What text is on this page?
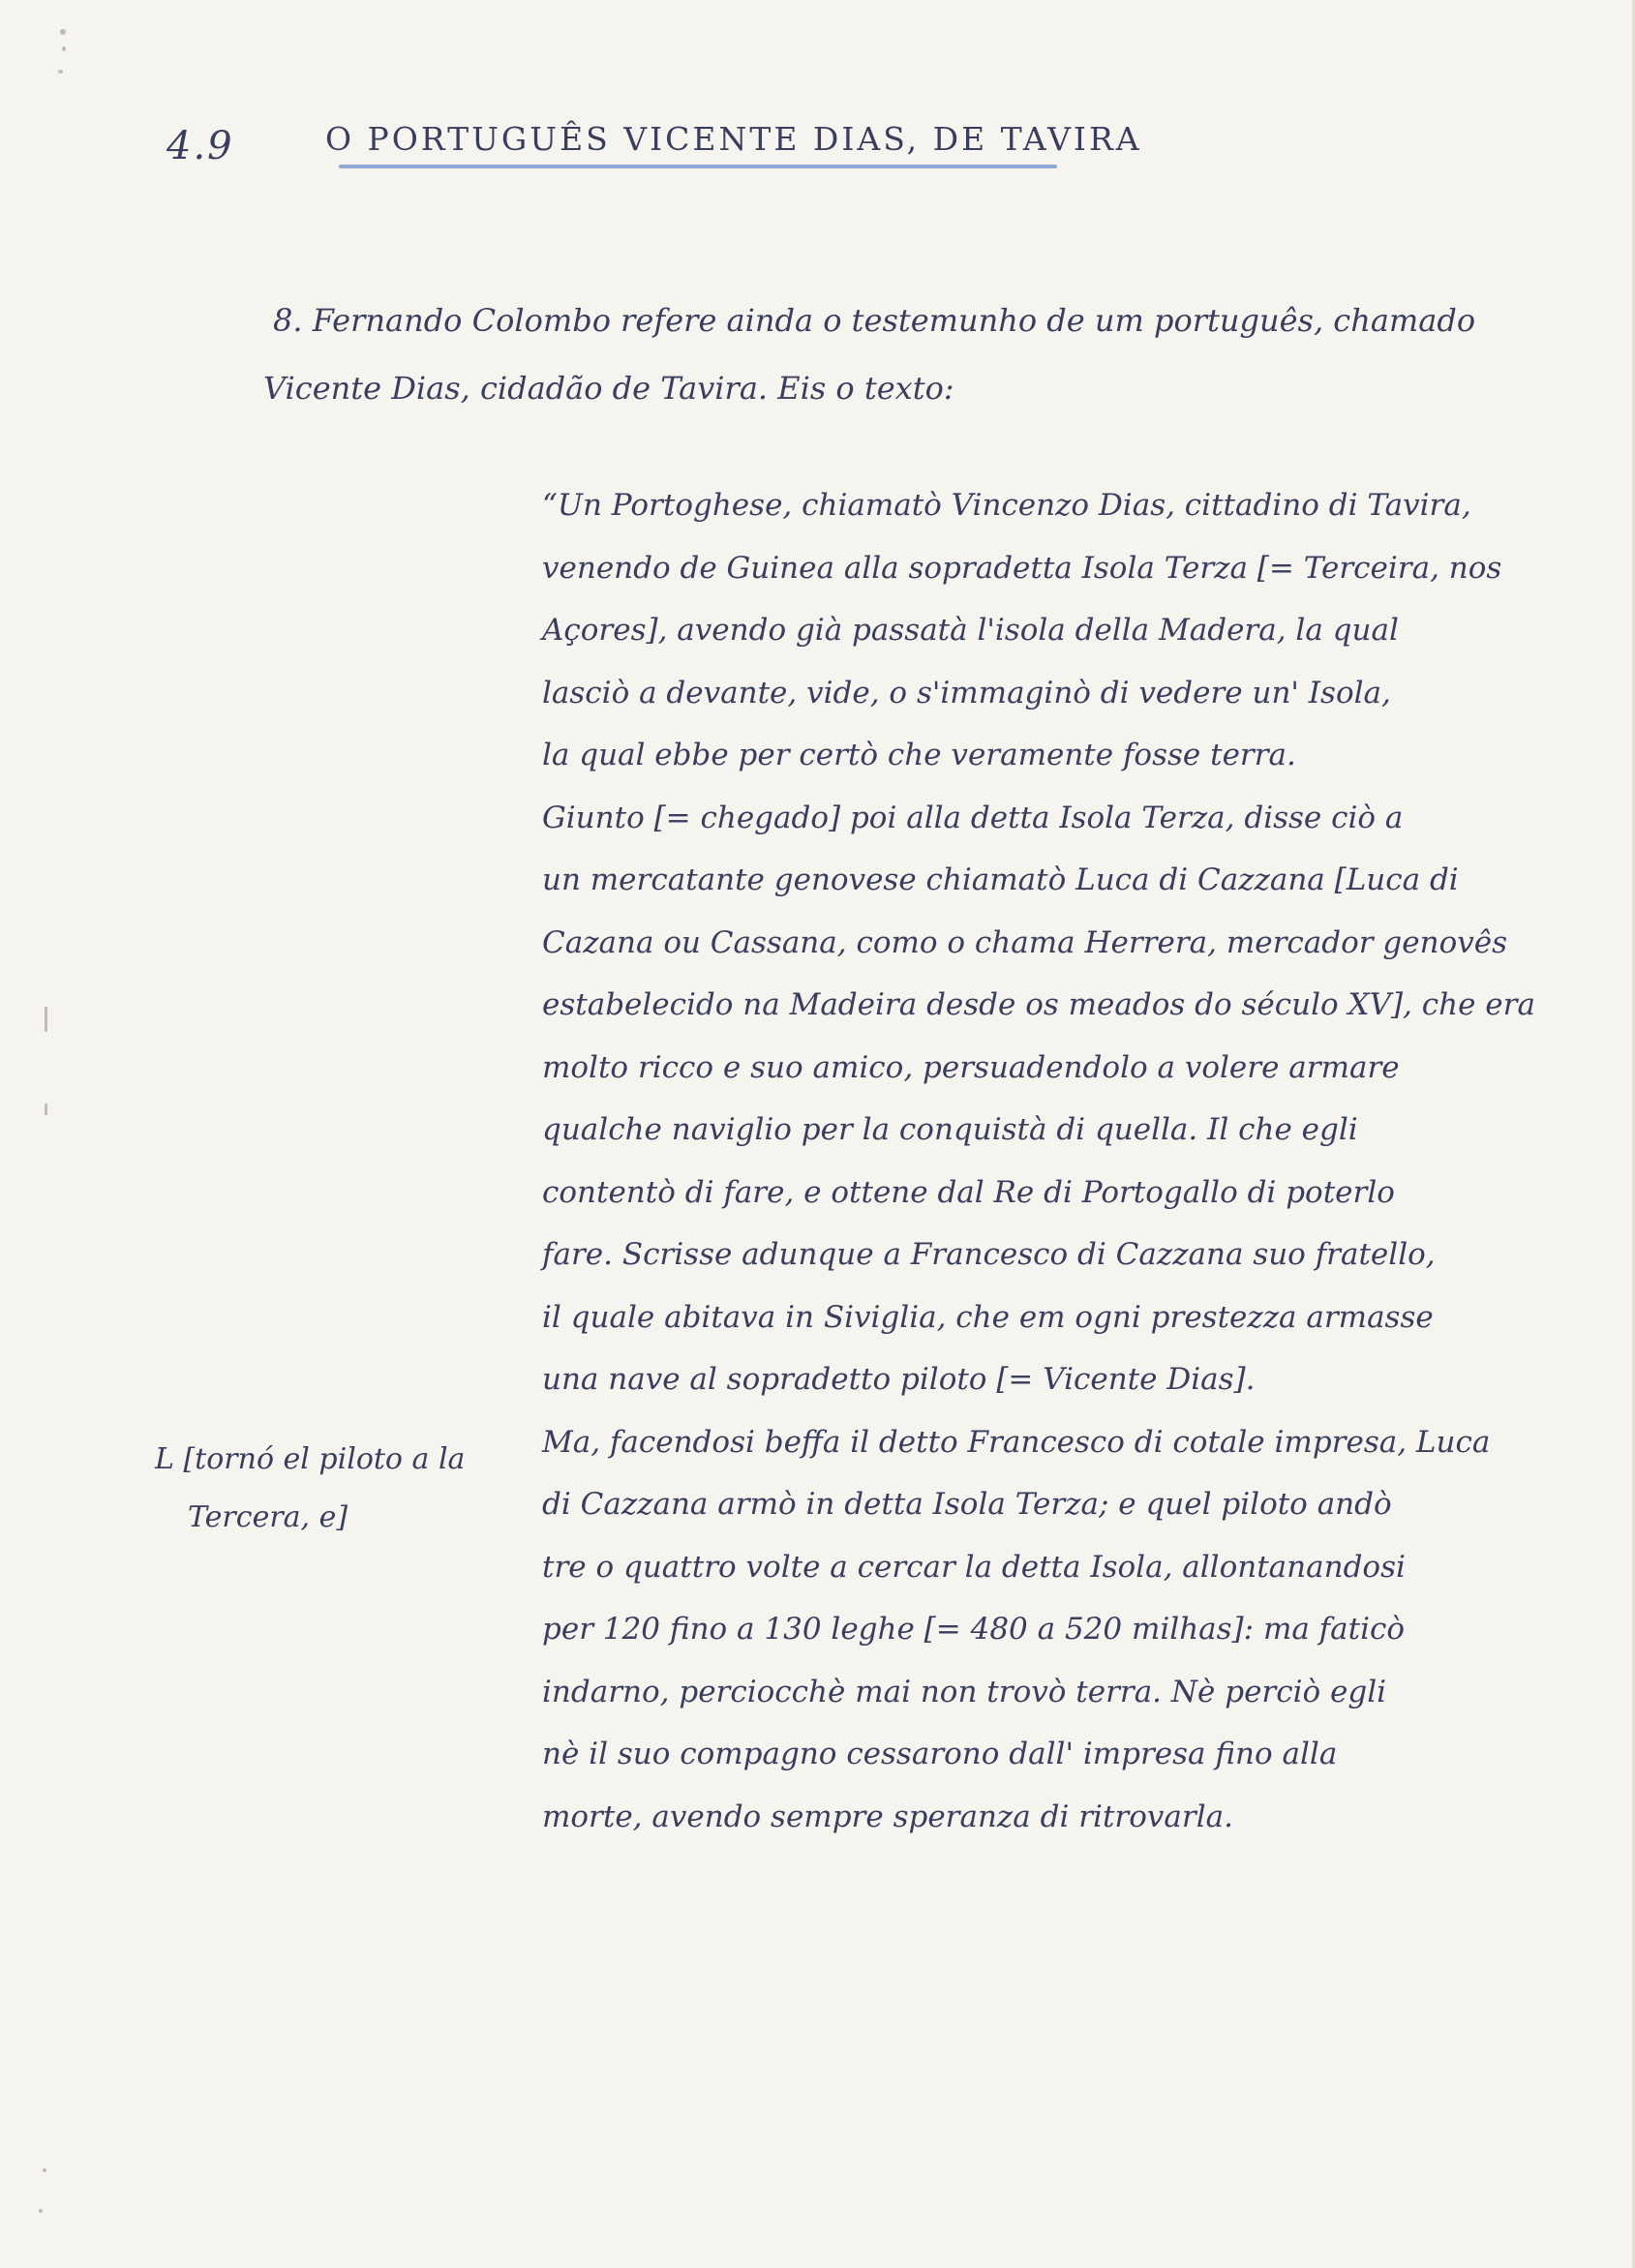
4.9	O PORTUGUÊS VICENTE DIAS, DE TAVIRA
8. Fernando Colombo refere ainda o testemunho de um português, chamado
Vicente Dias, cidadão de Tavira. Eis o texto:
“Un Portoghese, chiamatò Vincenzo Dias, cittadino di Tavira,
venendo de Guinea alla sopradetta Isola Terza [= Terceira, nos
Açores], avendo già passatà l'isola della Madera, la qual
lasciò a devante, vide, o s'immaginò di vedere un' Isola,
la qual ebbe per certò che veramente fosse terra.
Giunto [= chegado] poi alla detta Isola Terza, disse ciò a
un mercatante genovese chiamatò Luca di Cazzana [Luca di
Cazana ou Cassana, como o chama Herrera, mercador genovês
estabelecido na Madeira desde os meados do século XV], che era
molto ricco e suo amico, persuadendolo a volere armare
qualche naviglio per la conquistà di quella. Il che egli
contentò di fare, e ottene dal Re di Portogallo di poterlo
fare. Scrisse adunque a Francesco di Cazzana suo fratello,
il quale abitava in Siviglia, che em ogni prestezza armasse
una nave al sopradetto piloto [= Vicente Dias].
Ma, facendosi beffa il detto Francesco di cotale impresa, Luca
di Cazzana armò in detta Isola Terza; e quel piloto andò
tre o quattro volte a cercar la detta Isola, allontanandosi
per 120 fino a 130 leghe [= 480 a 520 milhas]: ma faticò
indarno, perciocchè mai non trovò terra. Nè perciò egli
nè il suo compagno cessarono dall' impresa fino alla
morte, avendo sempre speranza di ritrovarla.
L [tornó el piloto a la
Tercera, e]
